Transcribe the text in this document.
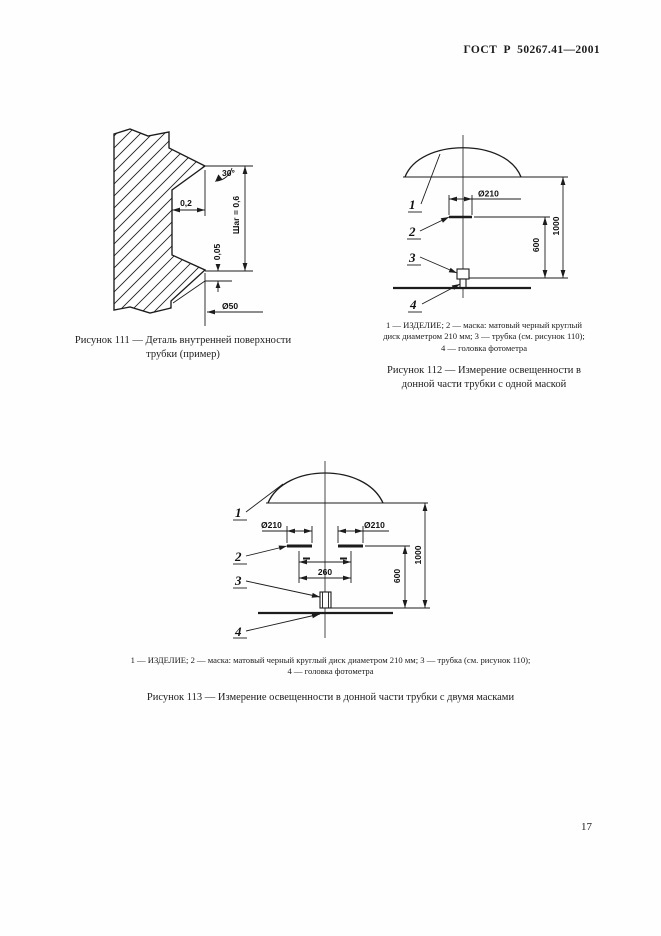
ГОСТ Р 50267.41—2001
30°
0,2	Шаг = 0,6
0,05
Ø50
Рисунок 111 — Деталь внутренней поверхности
трубки (пример)
Ø210
600
1000
1
2
3
4
1 — ИЗДЕЛИЕ; 2 — маска: матовый черный круглый
диск диаметром 210 мм; 3 — трубка (см. рисунок 110);
4 — головка фотометра
Рисунок 112 — Измерение освещенности в
донной части трубки с одной маской
Ø210	Ø210
260	600
1000
1
2
3
4
1 — ИЗДЕЛИЕ; 2 — маска: матовый черный круглый диск диаметром 210 мм; 3 — трубка (см. рисунок 110);
4 — головка фотометра
Рисунок 113 — Измерение освещенности в донной части трубки с двумя масками
17
